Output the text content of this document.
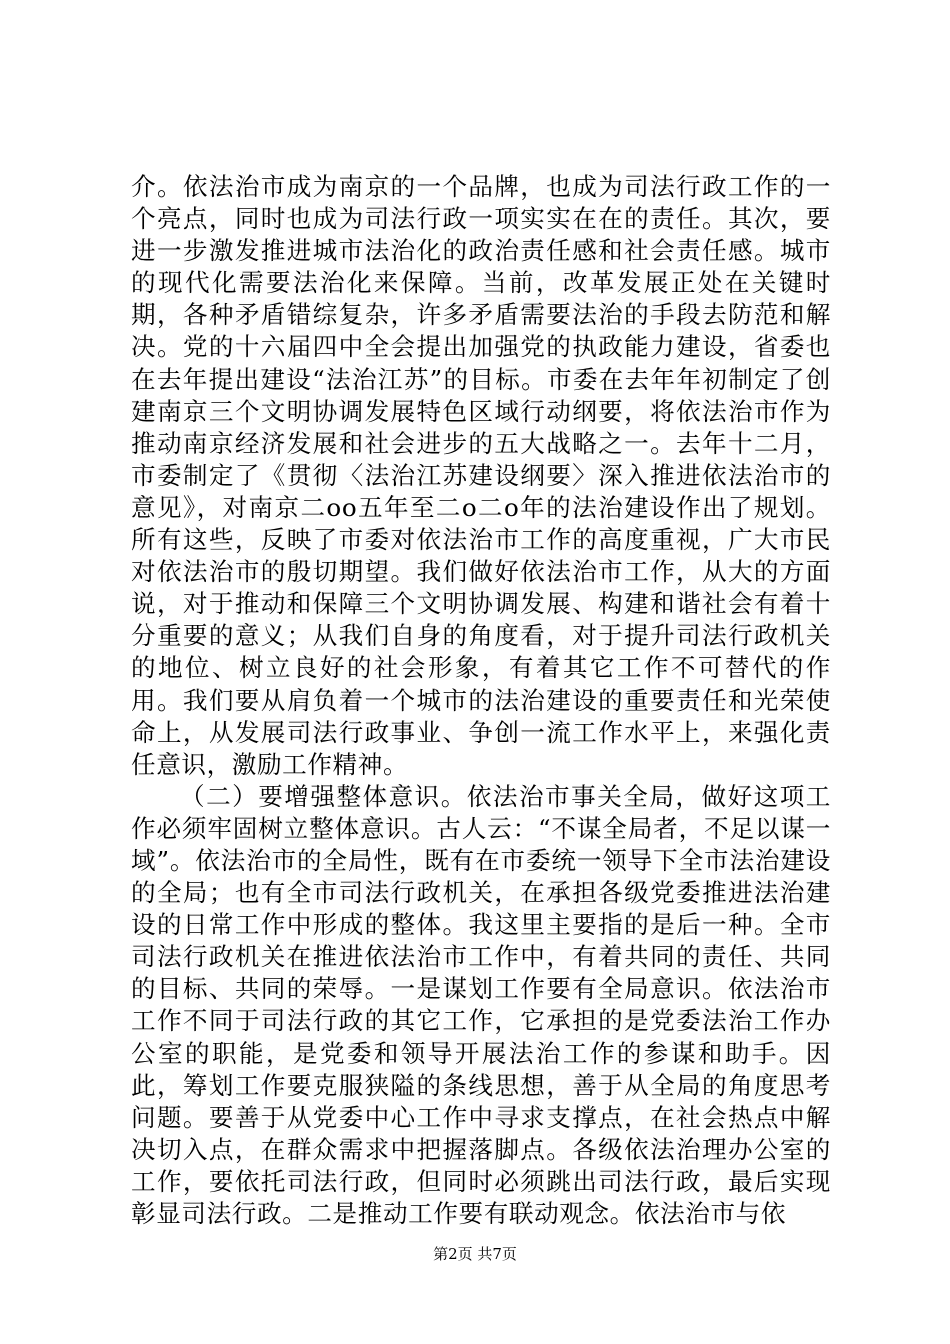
介。依法治市成为南京的一个品牌，也成为司法行政工作的一个亮点，同时也成为司法行政一项实实在在的责任。其次，要进一步激发推进城市法治化的政治责任感和社会责任感。城市的现代化需要法治化来保障。当前，改革发展正处在关键时期，各种矛盾错综复杂，许多矛盾需要法治的手段去防范和解决。党的十六届四中全会提出加强党的执政能力建设，省委也在去年提出建设“法治江苏”的目标。市委在去年年初制定了创建南京三个文明协调发展特色区域行动纲要，将依法治市作为推动南京经济发展和社会进步的五大战略之一。去年十二月，市委制定了《贯彻〈法治江苏建设纲要〉深入推进依法治市的意见》，对南京二oo五年至二o二o年的法治建设作出了规划。所有这些，反映了市委对依法治市工作的高度重视，广大市民对依法治市的殷切期望。我们做好依法治市工作，从大的方面说，对于推动和保障三个文明协调发展、构建和谐社会有着十分重要的意义；从我们自身的角度看，对于提升司法行政机关的地位、树立良好的社会形象，有着其它工作不可替代的作用。我们要从肩负着一个城市的法治建设的重要责任和光荣使命上，从发展司法行政事业、争创一流工作水平上，来强化责任意识，激励工作精神。

（二）要增强整体意识。依法治市事关全局，做好这项工作必须牢固树立整体意识。古人云：“不谋全局者，不足以谋一域”。依法治市的全局性，既有在市委统一领导下全市法治建设的全局；也有全市司法行政机关，在承担各级党委推进法治建设的日常工作中形成的整体。我这里主要指的是后一种。全市司法行政机关在推进依法治市工作中，有着共同的责任、共同的目标、共同的荣辱。一是谋划工作要有全局意识。依法治市工作不同于司法行政的其它工作，它承担的是党委法治工作办公室的职能，是党委和领导开展法治工作的参谋和助手。因此，筹划工作要克服狭隘的条线思想，善于从全局的角度思考问题。要善于从党委中心工作中寻求支撑点，在社会热点中解决切入点，在群众需求中把握落脚点。各级依法治理办公室的工作，要依托司法行政，但同时必须跳出司法行政，最后实现彰显司法行政。二是推动工作要有联动观念。依法治市与依

第2页 共7页
